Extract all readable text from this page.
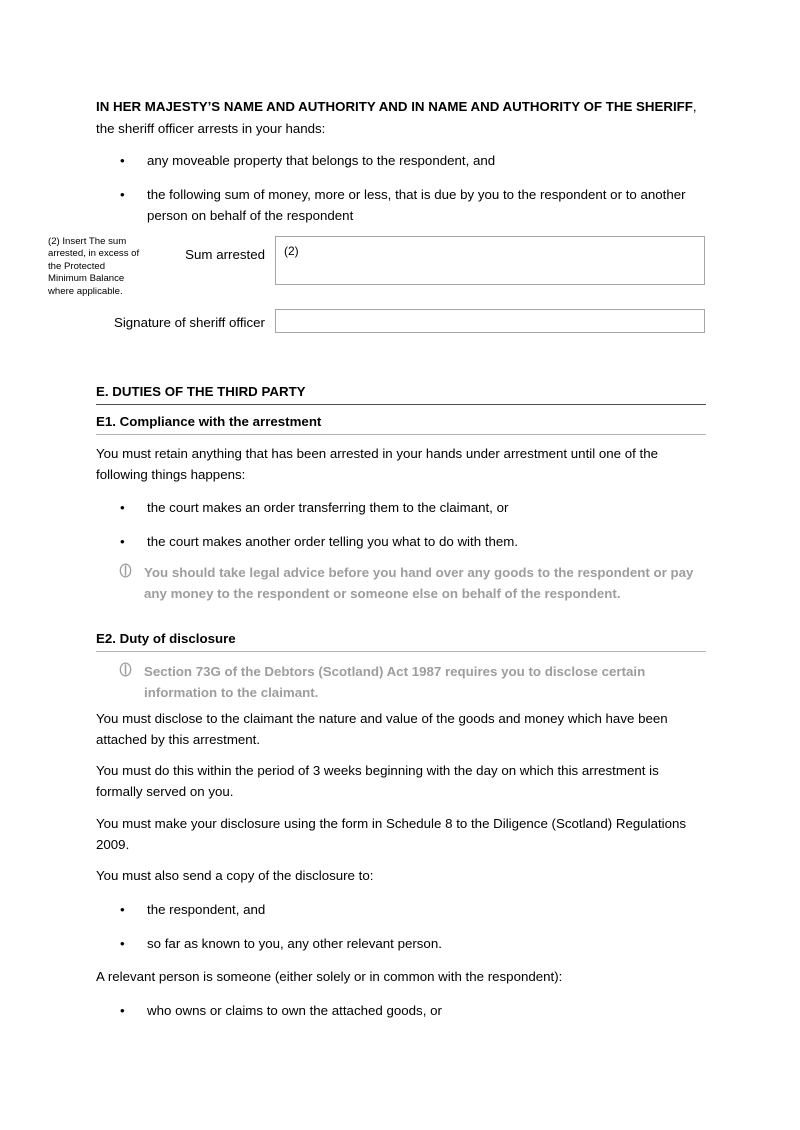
IN HER MAJESTY’S NAME AND AUTHORITY AND IN NAME AND AUTHORITY OF THE SHERIFF, the sheriff officer arrests in your hands:

• any moveable property that belongs to the respondent, and
• the following sum of money, more or less, that is due by you to the respondent or to another person on behalf of the respondent
(2) Insert The sum arrested, in excess of the Protected Minimum Balance where applicable.
Sum arrested (2)
Signature of sheriff officer
E. DUTIES OF THE THIRD PARTY
E1. Compliance with the arrestment

You must retain anything that has been arrested in your hands under arrestment until one of the following things happens:

• the court makes an order transferring them to the claimant, or
• the court makes another order telling you what to do with them.
You should take legal advice before you hand over any goods to the respondent or pay any money to the respondent or someone else on behalf of the respondent.
E2. Duty of disclosure
Section 73G of the Debtors (Scotland) Act 1987 requires you to disclose certain information to the claimant.

You must disclose to the claimant the nature and value of the goods and money which have been attached by this arrestment.

You must do this within the period of 3 weeks beginning with the day on which this arrestment is formally served on you.

You must make your disclosure using the form in Schedule 8 to the Diligence (Scotland) Regulations 2009.

You must also send a copy of the disclosure to:

• the respondent, and
• so far as known to you, any other relevant person.

A relevant person is someone (either solely or in common with the respondent):

• who owns or claims to own the attached goods, or
